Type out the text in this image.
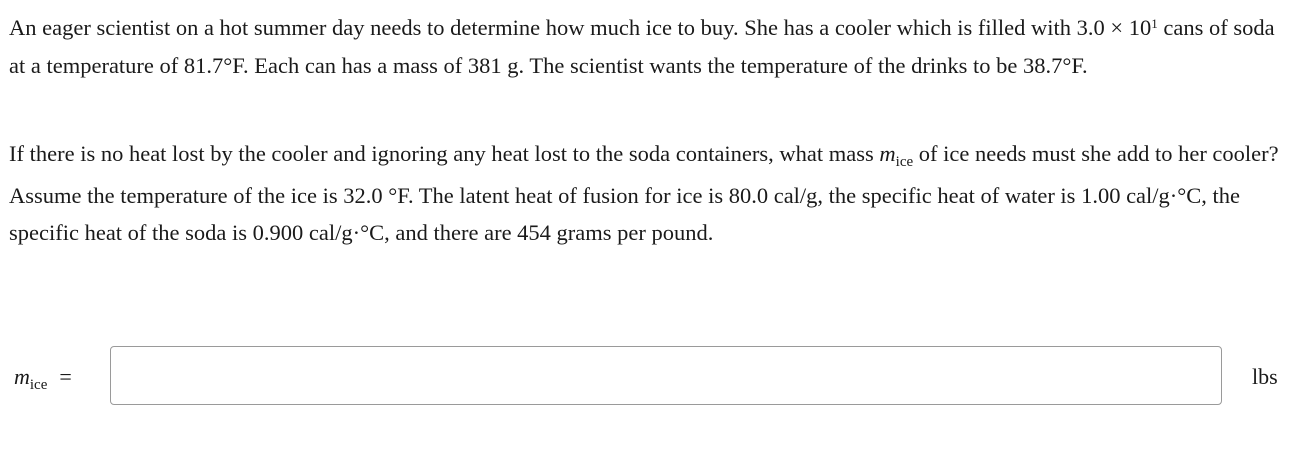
An eager scientist on a hot summer day needs to determine how much ice to buy. She has a cooler which is filled with $3.0 \times 10^1$ cans of soda at a temperature of 81.7°F. Each can has a mass of 381 g. The scientist wants the temperature of the drinks to be 38.7°F.

If there is no heat lost by the cooler and ignoring any heat lost to the soda containers, what mass $m_{ice}$ of ice needs must she add to her cooler? Assume the temperature of the ice is 32.0 °F. The latent heat of fusion for ice is 80.0 cal/g, the specific heat of water is 1.00 cal/g·°C, the specific heat of the soda is 0.900 cal/g·°C, and there are 454 grams per pound.

$m_{ice}$ =	lbs
